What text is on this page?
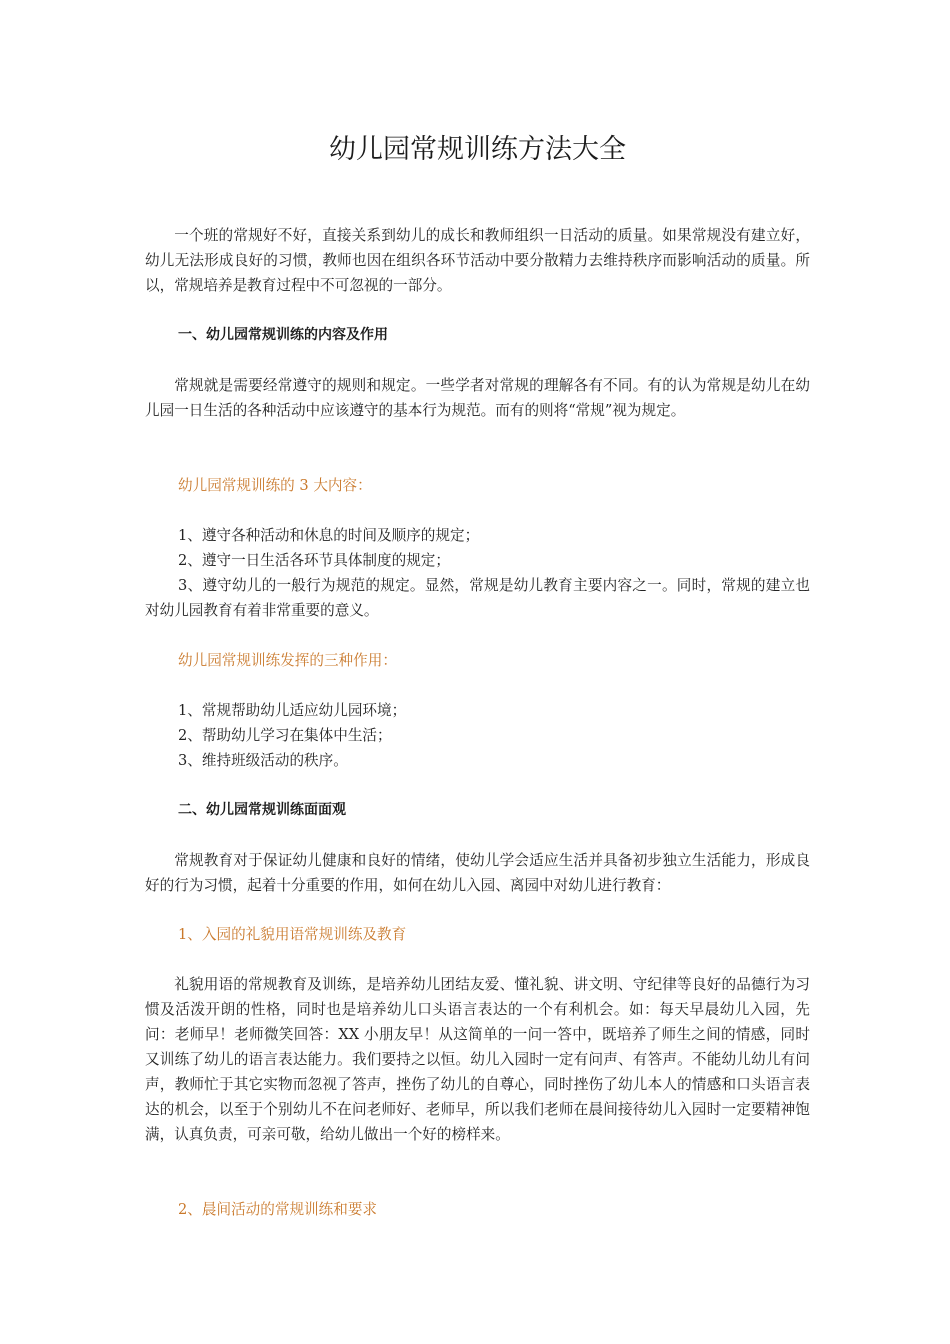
幼儿园常规训练方法大全

一个班的常规好不好，直接关系到幼儿的成长和教师组织一日活动的质量。如果常规没有建立好，幼儿无法形成良好的习惯，教师也因在组织各环节活动中要分散精力去维持秩序而影响活动的质量。所以，常规培养是教育过程中不可忽视的一部分。

一、幼儿园常规训练的内容及作用

常规就是需要经常遵守的规则和规定。一些学者对常规的理解各有不同。有的认为常规是幼儿在幼儿园一日生活的各种活动中应该遵守的基本行为规范。而有的则将“常规”视为规定。

幼儿园常规训练的 3 大内容：

1、遵守各种活动和休息的时间及顺序的规定；

2、遵守一日生活各环节具体制度的规定；

3、遵守幼儿的一般行为规范的规定。显然，常规是幼儿教育主要内容之一。同时，常规的建立也对幼儿园教育有着非常重要的意义。

幼儿园常规训练发挥的三种作用：

1、常规帮助幼儿适应幼儿园环境；

2、帮助幼儿学习在集体中生活；

3、维持班级活动的秩序。

二、幼儿园常规训练面面观

常规教育对于保证幼儿健康和良好的情绪，使幼儿学会适应生活并具备初步独立生活能力，形成良好的行为习惯，起着十分重要的作用，如何在幼儿入园、离园中对幼儿进行教育：

1、入园的礼貌用语常规训练及教育

礼貌用语的常规教育及训练，是培养幼儿团结友爱、懂礼貌、讲文明、守纪律等良好的品德行为习惯及活泼开朗的性格，同时也是培养幼儿口头语言表达的一个有利机会。如：每天早晨幼儿入园，先问：老师早！老师微笑回答：XX 小朋友早！从这简单的一问一答中，既培养了师生之间的情感，同时又训练了幼儿的语言表达能力。我们要持之以恒。幼儿入园时一定有问声、有答声。不能幼儿幼儿有问声，教师忙于其它实物而忽视了答声，挫伤了幼儿的自尊心，同时挫伤了幼儿本人的情感和口头语言表达的机会，以至于个别幼儿不在问老师好、老师早，所以我们老师在晨间接待幼儿入园时一定要精神饱满，认真负责，可亲可敬，给幼儿做出一个好的榜样来。

2、晨间活动的常规训练和要求
